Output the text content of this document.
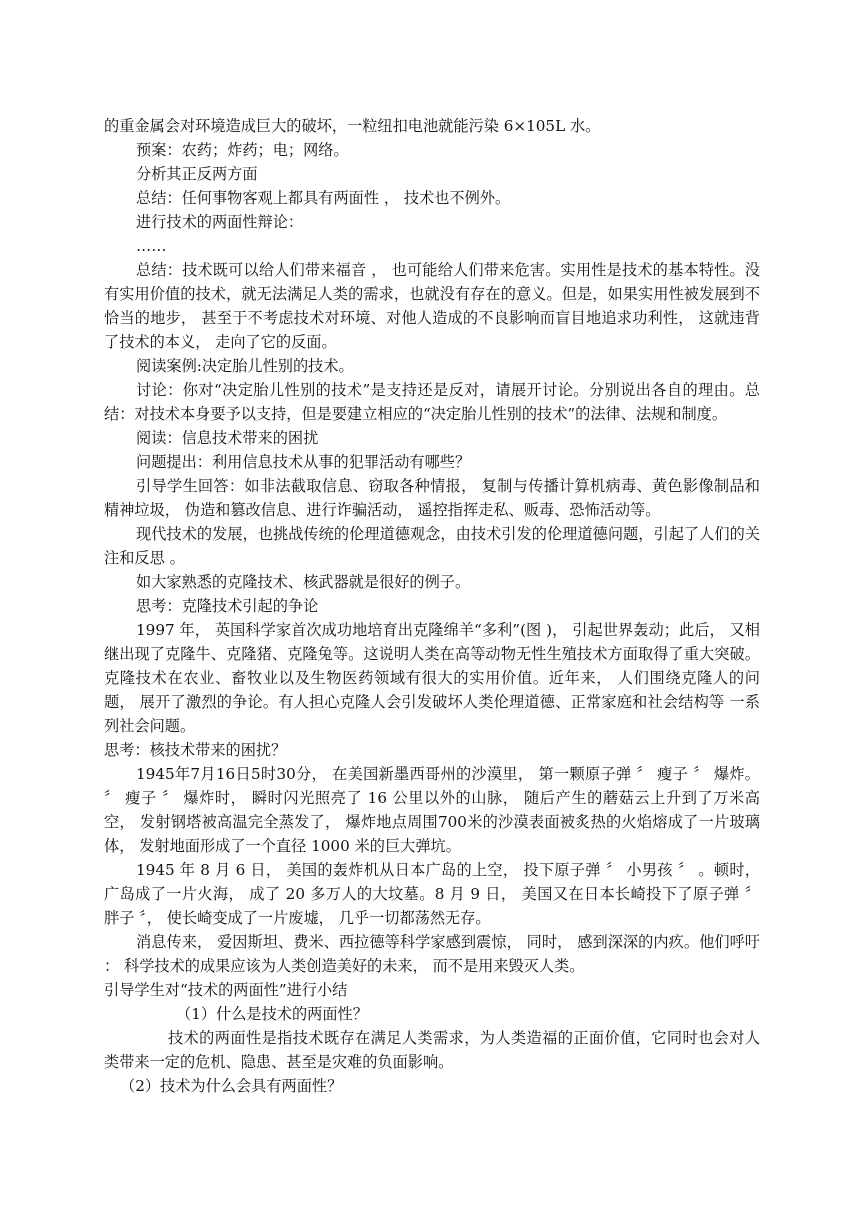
的重金属会对环境造成巨大的破坏，一粒纽扣电池就能污染 6×105L 水。

预案：农药；炸药；电；网络。

分析其正反两方面

总结：任何事物客观上都具有两面性 ， 技术也不例外。

进行技术的两面性辩论：

……

总结：技术既可以给人们带来福音 ， 也可能给人们带来危害。实用性是技术的基本特性。没有实用价值的技术，就无法满足人类的需求，也就没有存在的意义。但是，如果实用性被发展到不恰当的地步， 甚至于不考虑技术对环境、对他人造成的不良影响而盲目地追求功利性， 这就违背了技术的本义， 走向了它的反面。

阅读案例:决定胎儿性别的技术。

讨论：你对“决定胎儿性别的技术”是支持还是反对，请展开讨论。分别说出各自的理由。总结：对技术本身要予以支持，但是要建立相应的“决定胎儿性别的技术”的法律、法规和制度。

阅读：信息技术带来的困扰

问题提出：利用信息技术从事的犯罪活动有哪些？

引导学生回答：如非法截取信息、窃取各种情报， 复制与传播计算机病毒、黄色影像制品和精神垃圾， 伪造和篡改信息、进行诈骗活动， 遥控指挥走私、贩毒、恐怖活动等。

现代技术的发展，也挑战传统的伦理道德观念，由技术引发的伦理道德问题，引起了人们的关注和反思 。

如大家熟悉的克隆技术、核武器就是很好的例子。

思考：克隆技术引起的争论

1997 年， 英国科学家首次成功地培育出克隆绵羊“多利”(图 )， 引起世界轰动；此后， 又相继出现了克隆牛、克隆猪、克隆兔等。这说明人类在高等动物无性生殖技术方面取得了重大突破。克隆技术在农业、畜牧业以及生物医药领域有很大的实用价值。近年来， 人们围绕克隆人的问题， 展开了激烈的争论。有人担心克隆人会引发破坏人类伦理道德、正常家庭和社会结构等 一系列社会问题。

思考：核技术带来的困扰？

1945年7月16日5时30分， 在美国新墨西哥州的沙漠里， 第一颗原子弹 〞 瘦子 〞 爆炸。 〞 瘦子 〞 爆炸时， 瞬时闪光照亮了 16 公里以外的山脉， 随后产生的蘑菇云上升到了万米高空， 发射钢塔被高温完全蒸发了， 爆炸地点周围700米的沙漠表面被炙热的火焰熔成了一片玻璃体， 发射地面形成了一个直径 1000 米的巨大弹坑。

1945 年 8 月 6 日， 美国的轰炸机从日本广岛的上空， 投下原子弹 〞 小男孩 〞 。顿时， 广岛成了一片火海， 成了 20 多万人的大坟墓。8 月 9 日， 美国又在日本长崎投下了原子弹 〞 胖子 〞， 使长崎变成了一片废墟， 几乎一切都荡然无存。

消息传来， 爱因斯坦、费米、西拉德等科学家感到震惊， 同时， 感到深深的内疚。他们呼吁 ： 科学技术的成果应该为人类创造美好的未来， 而不是用来毁灭人类。

引导学生对“技术的两面性”进行小结

（1）什么是技术的两面性？

技术的两面性是指技术既存在满足人类需求，为人类造福的正面价值，它同时也会对人类带来一定的危机、隐患、甚至是灾难的负面影响。

（2）技术为什么会具有两面性？
